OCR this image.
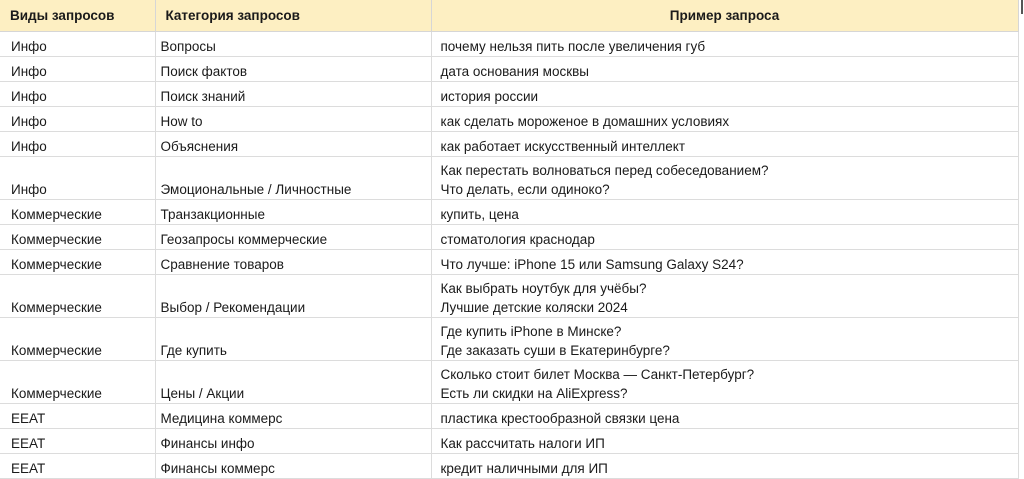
Виды запросов	Категория запросов	Пример запроса
Инфо	Вопросы	почему нельзя пить после увеличения губ

Инфо	Поиск фактов	дата основания москвы

Инфо	Поиск знаний	история россии

Инфо	How to	как сделать мороженое в домашних условиях

Инфо	Объяснения	как работает искусственный интеллект

Инфо	Эмоциональные / Личностные	Как перестать волноваться перед собеседованием?
Что делать, если одиноко?

Коммерческие	Транзакционные	купить, цена

Коммерческие	Геозапросы коммерческие	стоматология краснодар

Коммерческие	Сравнение товаров	Что лучше: iPhone 15 или Samsung Galaxy S24?

Коммерческие	Выбор / Рекомендации	Как выбрать ноутбук для учёбы?
Лучшие детские коляски 2024

Коммерческие	Где купить	Где купить iPhone в Минске?
Где заказать суши в Екатеринбурге?

Коммерческие	Цены / Акции	Сколько стоит билет Москва — Санкт-Петербург?
Есть ли скидки на AliExpress?

EEAT	Медицина коммерс	пластика крестообразной связки цена

EEAT	Финансы инфо	Как рассчитать налоги ИП

EEAT	Финансы коммерс	кредит наличными для ИП
